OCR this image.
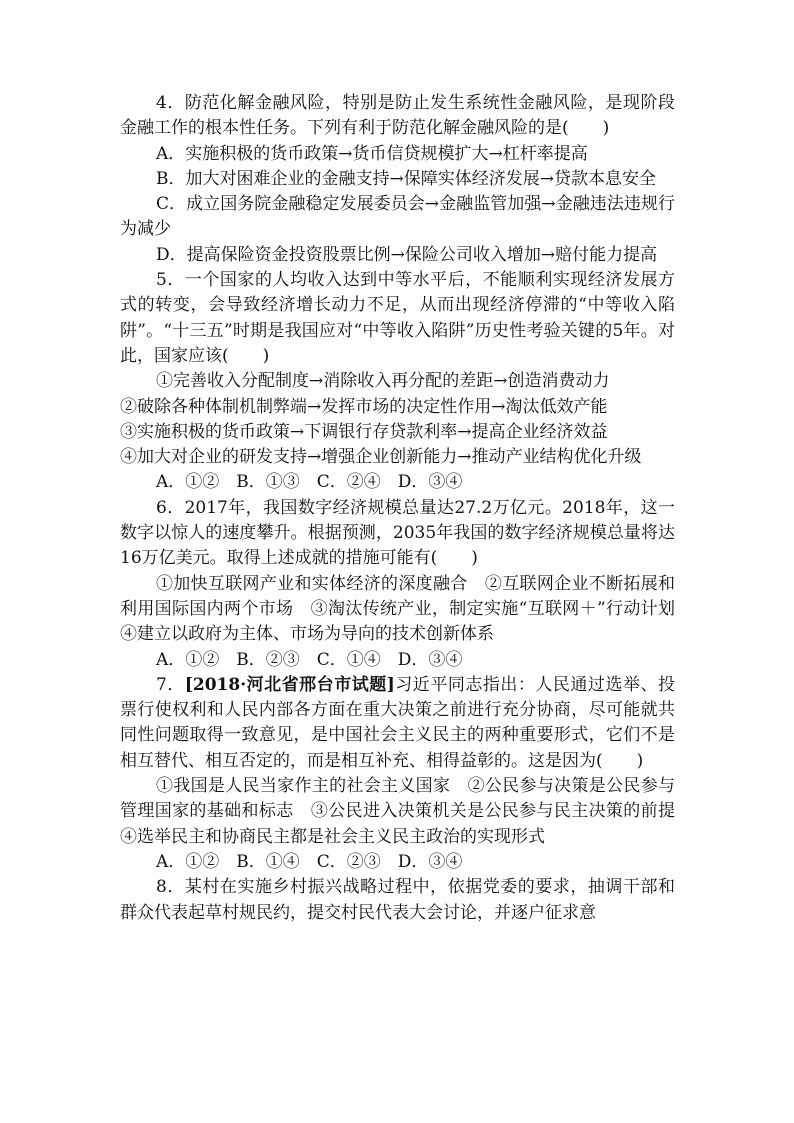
4．防范化解金融风险，特别是防止发生系统性金融风险，是现阶段金融工作的根本性任务。下列有利于防范化解金融风险的是(　　)

A．实施积极的货币政策→货币信贷规模扩大→杠杆率提高

B．加大对困难企业的金融支持→保障实体经济发展→贷款本息安全

C．成立国务院金融稳定发展委员会→金融监管加强→金融违法违规行为减少

D．提高保险资金投资股票比例→保险公司收入增加→赔付能力提高

5．一个国家的人均收入达到中等水平后，不能顺利实现经济发展方式的转变，会导致经济增长动力不足，从而出现经济停滞的“中等收入陷阱”。“十三五”时期是我国应对“中等收入陷阱”历史性考验关键的5年。对此，国家应该(　　)

①完善收入分配制度→消除收入再分配的差距→创造消费动力

②破除各种体制机制弊端→发挥市场的决定性作用→淘汰低效产能

③实施积极的货币政策→下调银行存贷款利率→提高企业经济效益

④加大对企业的研发支持→增强企业创新能力→推动产业结构优化升级

A．①②　B．①③　C．②④　D．③④

6．2017年，我国数字经济规模总量达27.2万亿元。2018年，这一数字以惊人的速度攀升。根据预测，2035年我国的数字经济规模总量将达16万亿美元。取得上述成就的措施可能有(　　)

①加快互联网产业和实体经济的深度融合　②互联网企业不断拓展和利用国际国内两个市场　③淘汰传统产业，制定实施“互联网＋”行动计划　④建立以政府为主体、市场为导向的技术创新体系

A．①②　B．②③　C．①④　D．③④

7．[2018·河北省邢台市试题]习近平同志指出：人民通过选举、投票行使权利和人民内部各方面在重大决策之前进行充分协商，尽可能就共同性问题取得一致意见，是中国社会主义民主的两种重要形式，它们不是相互替代、相互否定的，而是相互补充、相得益彰的。这是因为(　　)

①我国是人民当家作主的社会主义国家　②公民参与决策是公民参与管理国家的基础和标志　③公民进入决策机关是公民参与民主决策的前提　④选举民主和协商民主都是社会主义民主政治的实现形式

A．①②　B．①④　C．②③　D．③④

8．某村在实施乡村振兴战略过程中，依据党委的要求，抽调干部和群众代表起草村规民约，提交村民代表大会讨论，并逐户征求意
